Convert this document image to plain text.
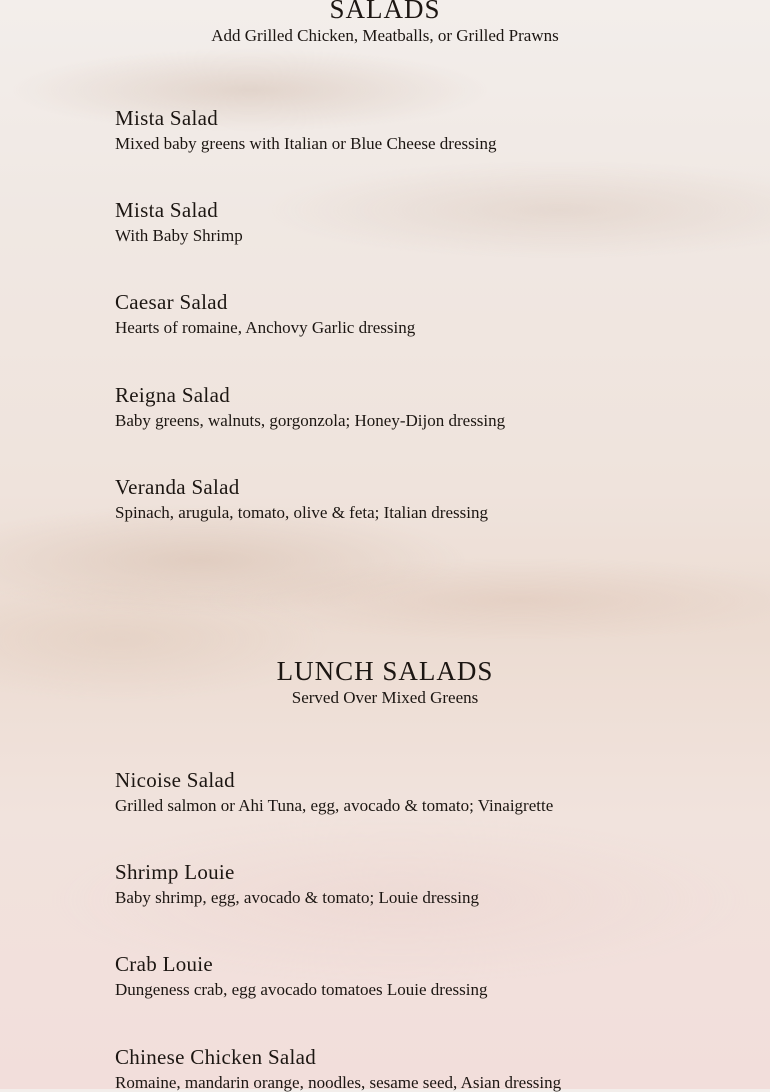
SALADS
Add Grilled Chicken, Meatballs, or Grilled Prawns
Mista Salad
Mixed baby greens with Italian or Blue Cheese dressing
Mista Salad
With Baby Shrimp
Caesar Salad
Hearts of romaine, Anchovy Garlic dressing
Reigna Salad
Baby greens, walnuts, gorgonzola; Honey-Dijon dressing
Veranda Salad
Spinach, arugula, tomato, olive & feta; Italian dressing
LUNCH SALADS
Served Over Mixed Greens
Nicoise Salad
Grilled salmon or Ahi Tuna, egg, avocado & tomato; Vinaigrette
Shrimp Louie
Baby shrimp, egg, avocado & tomato; Louie dressing
Crab Louie
Dungeness crab, egg avocado tomatoes Louie dressing
Chinese Chicken Salad
Romaine, mandarin orange, noodles, sesame seed, Asian dressing
